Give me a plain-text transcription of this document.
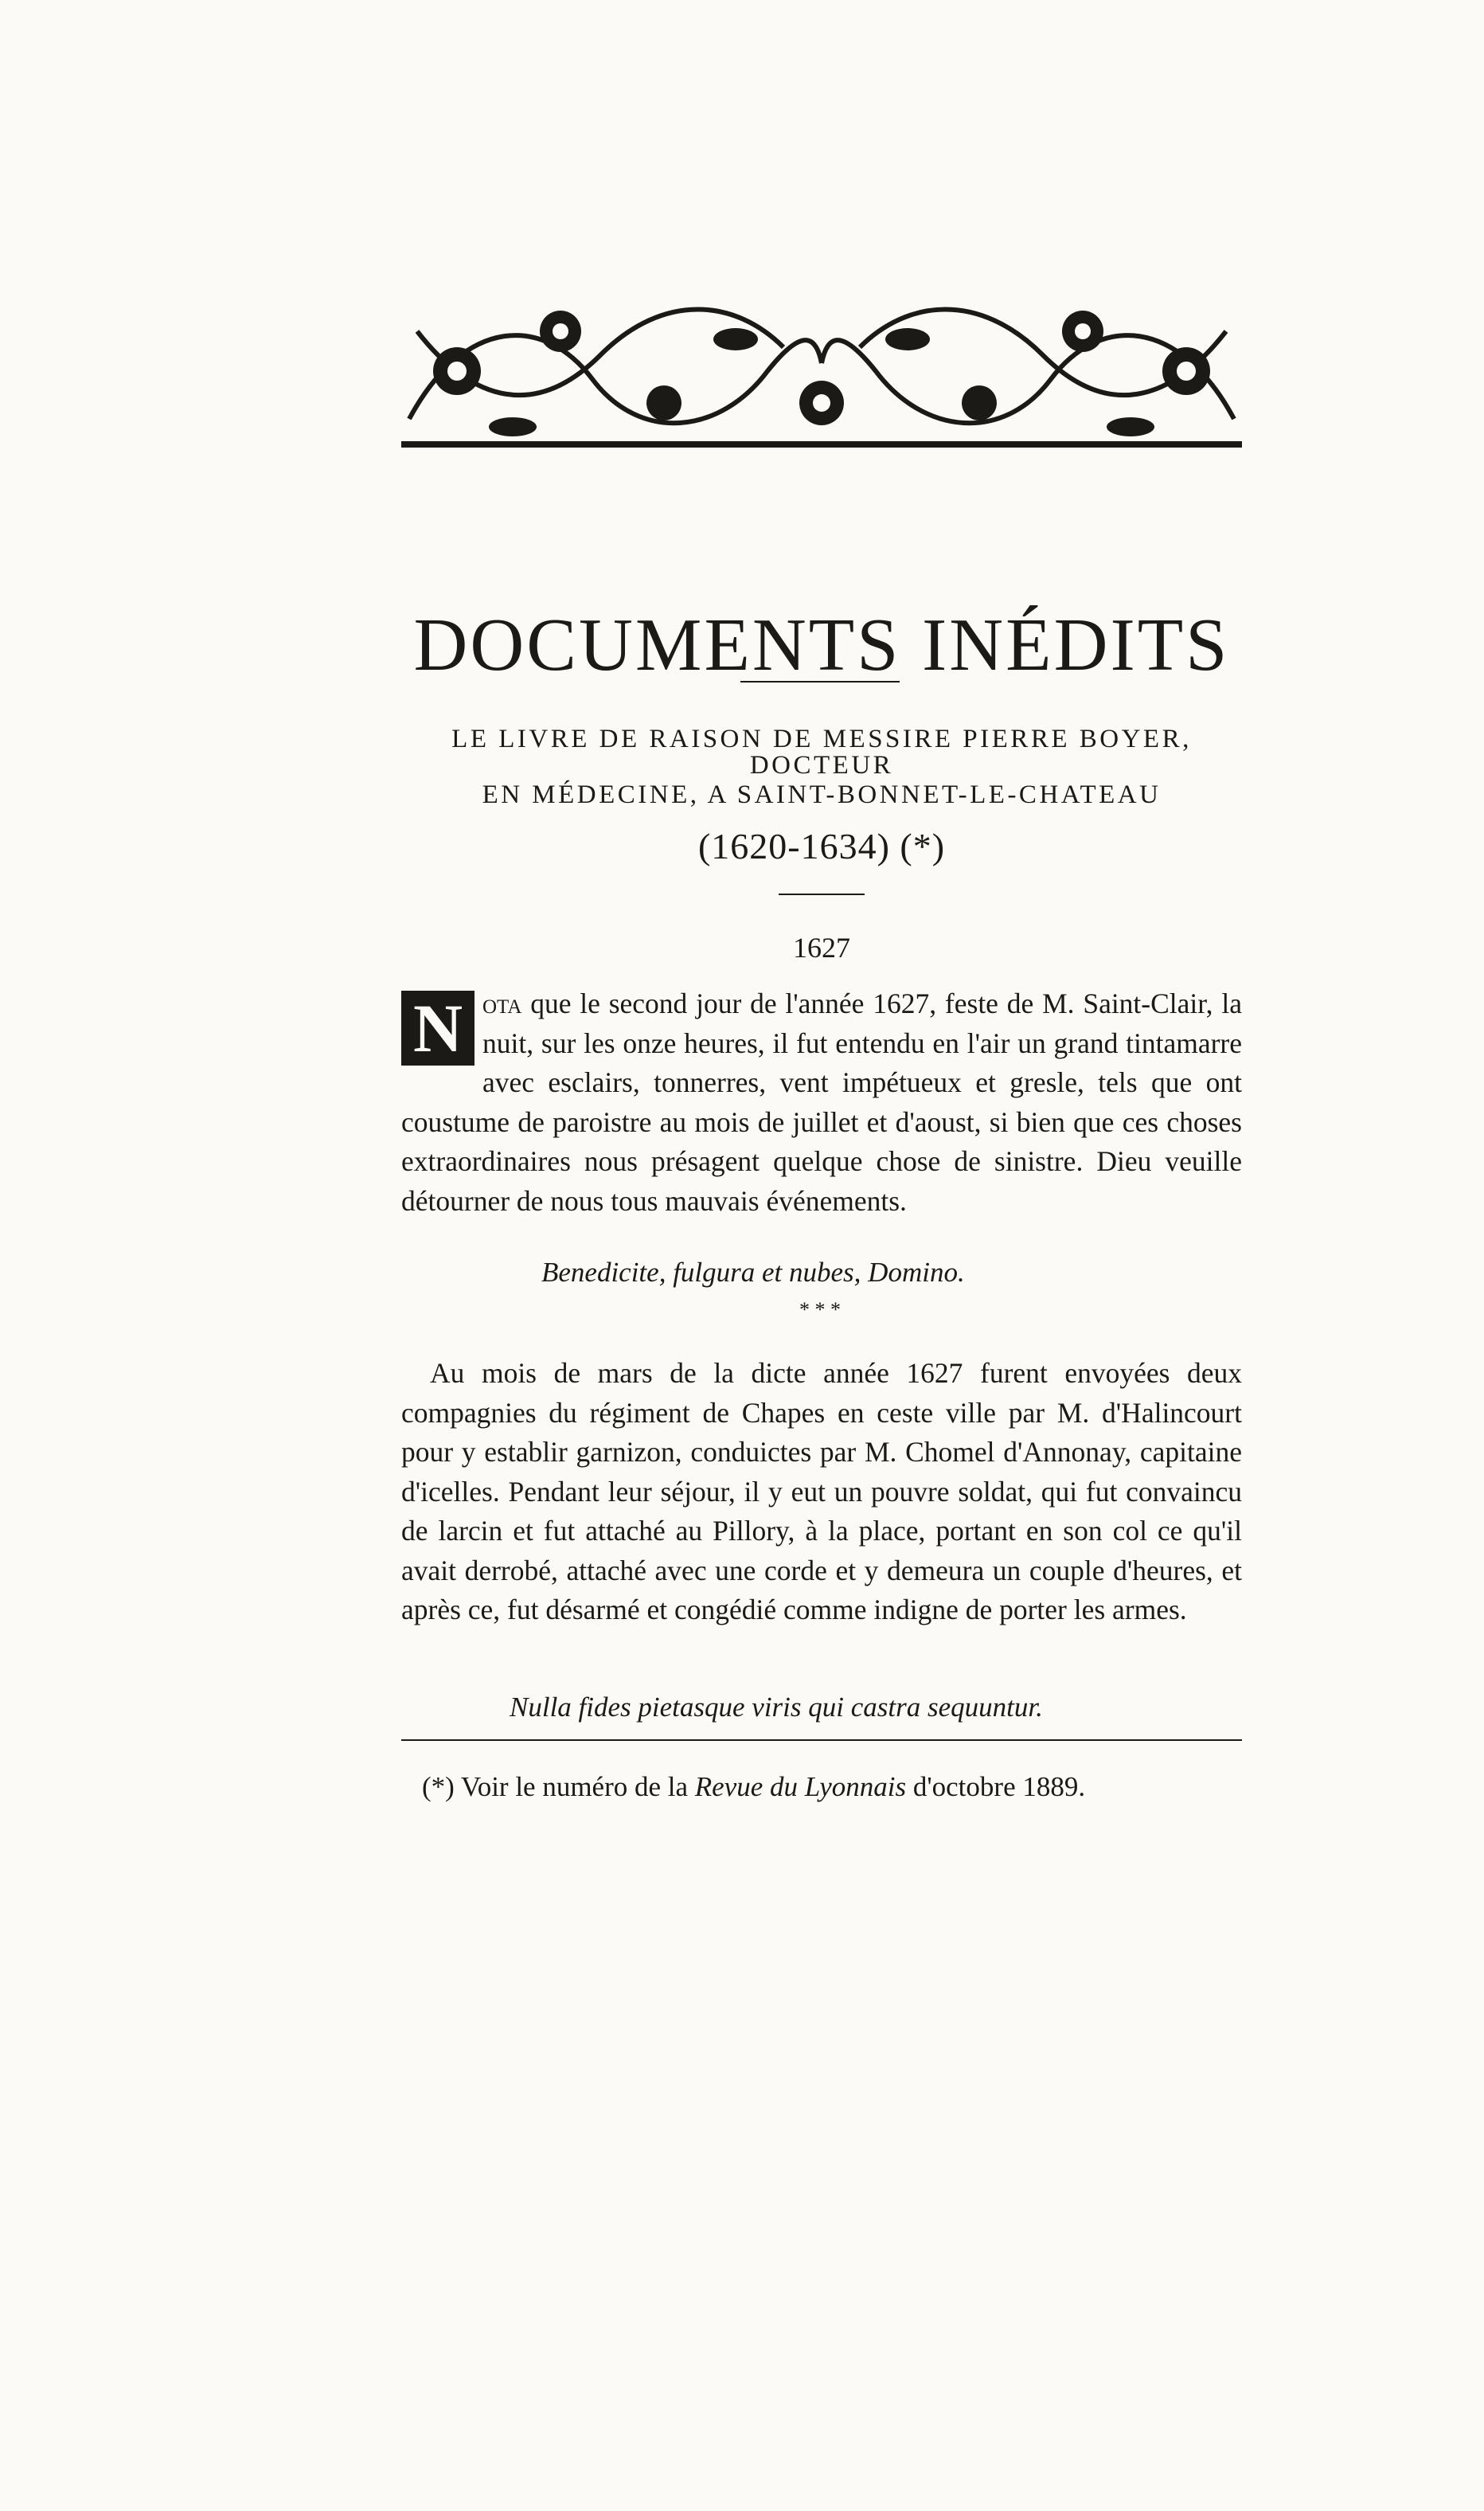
DOCUMENTS INÉDITS
LE LIVRE DE RAISON DE MESSIRE PIERRE BOYER, DOCTEUR
EN MÉDECINE, A SAINT-BONNET-LE-CHATEAU
(1620-1634) (*)
1627

N ota que le second jour de l'année 1627, feste de M. Saint-Clair, la nuit, sur les onze heures, il fut entendu en l'air un grand tintamarre avec esclairs, tonnerres, vent impétueux et gresle, tels que ont coustume de paroistre au mois de juillet et d'aoust, si bien que ces choses extraordinaires nous présagent quelque chose de sinistre. Dieu veuille détourner de nous tous mauvais événements.

Benedicite, fulgura et nubes, Domino.
* * *

Au mois de mars de la dicte année 1627 furent envoyées deux compagnies du régiment de Chapes en ceste ville par M. d'Halincourt pour y establir garnizon, conduictes par M. Chomel d'Annonay, capitaine d'icelles. Pendant leur séjour, il y eut un pouvre soldat, qui fut convaincu de larcin et fut attaché au Pillory, à la place, portant en son col ce qu'il avait derrobé, attaché avec une corde et y demeura un couple d'heures, et après ce, fut désarmé et congédié comme indigne de porter les armes.

Nulla fides pietasque viris qui castra sequuntur.
(*) Voir le numéro de la Revue du Lyonnais d'octobre 1889.
